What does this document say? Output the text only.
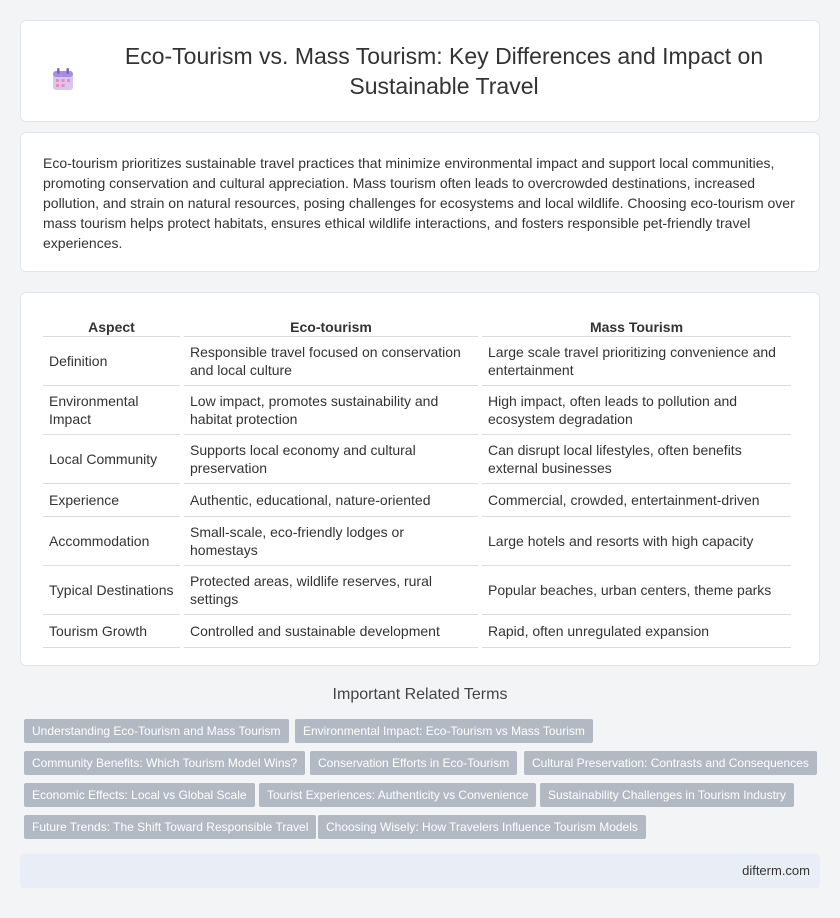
Eco-Tourism vs. Mass Tourism: Key Differences and Impact on Sustainable Travel

Eco-tourism prioritizes sustainable travel practices that minimize environmental impact and support local communities, promoting conservation and cultural appreciation. Mass tourism often leads to overcrowded destinations, increased pollution, and strain on natural resources, posing challenges for ecosystems and local wildlife. Choosing eco-tourism over mass tourism helps protect habitats, ensures ethical wildlife interactions, and fosters responsible pet-friendly travel experiences.

Aspect	Eco-tourism	Mass Tourism
Definition	Responsible travel focused on conservation and local culture	Large scale travel prioritizing convenience and entertainment
Environmental Impact	Low impact, promotes sustainability and habitat protection	High impact, often leads to pollution and ecosystem degradation
Local Community	Supports local economy and cultural preservation	Can disrupt local lifestyles, often benefits external businesses
Experience	Authentic, educational, nature-oriented	Commercial, crowded, entertainment-driven
Accommodation	Small-scale, eco-friendly lodges or homestays	Large hotels and resorts with high capacity
Typical Destinations	Protected areas, wildlife reserves, rural settings	Popular beaches, urban centers, theme parks
Tourism Growth	Controlled and sustainable development	Rapid, often unregulated expansion
Important Related Terms
Understanding Eco-Tourism and Mass Tourism	Environmental Impact: Eco-Tourism vs Mass Tourism
Community Benefits: Which Tourism Model Wins?	Conservation Efforts in Eco-Tourism	Cultural Preservation: Contrasts and Consequences
Economic Effects: Local vs Global Scale	Tourist Experiences: Authenticity vs Convenience	Sustainability Challenges in Tourism Industry
Future Trends: The Shift Toward Responsible Travel	Choosing Wisely: How Travelers Influence Tourism Models
difterm.com
